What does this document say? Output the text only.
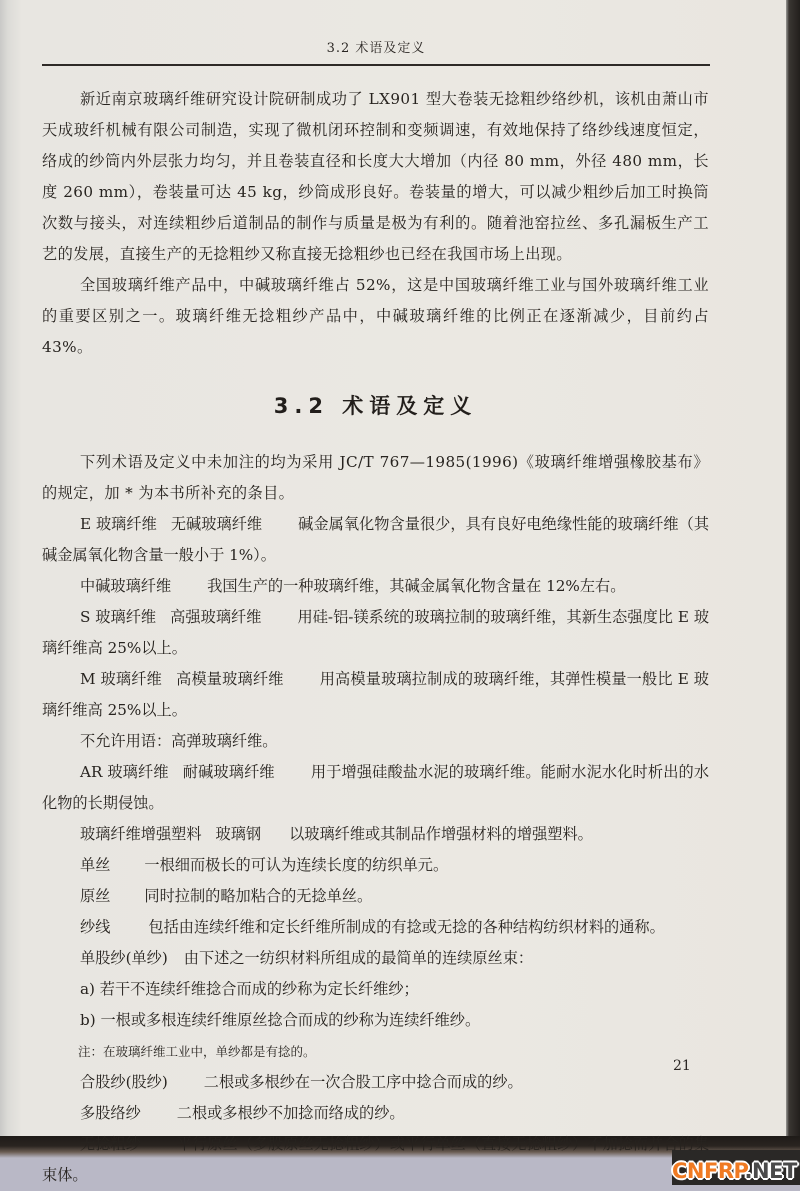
3.2 术语及定义

新近南京玻璃纤维研究设计院研制成功了 LX901 型大卷装无捻粗纱络纱机，该机由萧山市天成玻纤机械有限公司制造，实现了微机闭环控制和变频调速，有效地保持了络纱线速度恒定，络成的纱筒内外层张力均匀，并且卷装直径和长度大大增加（内径 80 mm，外径 480 mm，长度 260 mm），卷装量可达 45 kg，纱筒成形良好。卷装量的增大，可以减少粗纱后加工时换筒次数与接头，对连续粗纱后道制品的制作与质量是极为有利的。随着池窑拉丝、多孔漏板生产工艺的发展，直接生产的无捻粗纱又称直接无捻粗纱也已经在我国市场上出现。

全国玻璃纤维产品中，中碱玻璃纤维占 52%，这是中国玻璃纤维工业与国外玻璃纤维工业的重要区别之一。玻璃纤维无捻粗纱产品中，中碱玻璃纤维的比例正在逐渐减少，目前约占 43%。

3.2 术语及定义

下列术语及定义中未加注的均为采用 JC/T 767—1985(1996)《玻璃纤维增强橡胶基布》的规定，加 * 为本书所补充的条目。

E 玻璃纤维 无碱玻璃纤维 碱金属氧化物含量很少，具有良好电绝缘性能的玻璃纤维（其碱金属氧化物含量一般小于 1%）。

中碱玻璃纤维 我国生产的一种玻璃纤维，其碱金属氧化物含量在 12%左右。

S 玻璃纤维 高强玻璃纤维 用硅-铝-镁系统的玻璃拉制的玻璃纤维，其新生态强度比 E 玻璃纤维高 25%以上。

M 玻璃纤维 高模量玻璃纤维 用高模量玻璃拉制成的玻璃纤维，其弹性模量一般比 E 玻璃纤维高 25%以上。

不允许用语：高弹玻璃纤维。

AR 玻璃纤维 耐碱玻璃纤维 用于增强硅酸盐水泥的玻璃纤维。能耐水泥水化时析出的水化物的长期侵蚀。

玻璃纤维增强塑料 玻璃钢 以玻璃纤维或其制品作增强材料的增强塑料。

单丝 一根细而极长的可认为连续长度的纺织单元。

原丝 同时拉制的略加粘合的无捻单丝。

纱线	包括由连续纤维和定长纤维所制成的有捻或无捻的各种结构纺织材料的通称。

单股纱(单纱) 由下述之一纺织材料所组成的最简单的连续原丝束：

a) 若干不连续纤维捻合而成的纱称为定长纤维纱；

b) 一根或多根连续纤维原丝捻合而成的纱称为连续纤维纱。

注：在玻璃纤维工业中，单纱都是有捻的。

合股纱(股纱) 二根或多根纱在一次合股工序中捻合而成的纱。

多股络纱 二根或多根纱不加捻而络成的纱。

无捻粗纱 平行原丝（多股原丝无捻粗纱）或平行单丝（直接无捻粗纱）不加捻而并合的集束体。

21
CNFRP.NET
